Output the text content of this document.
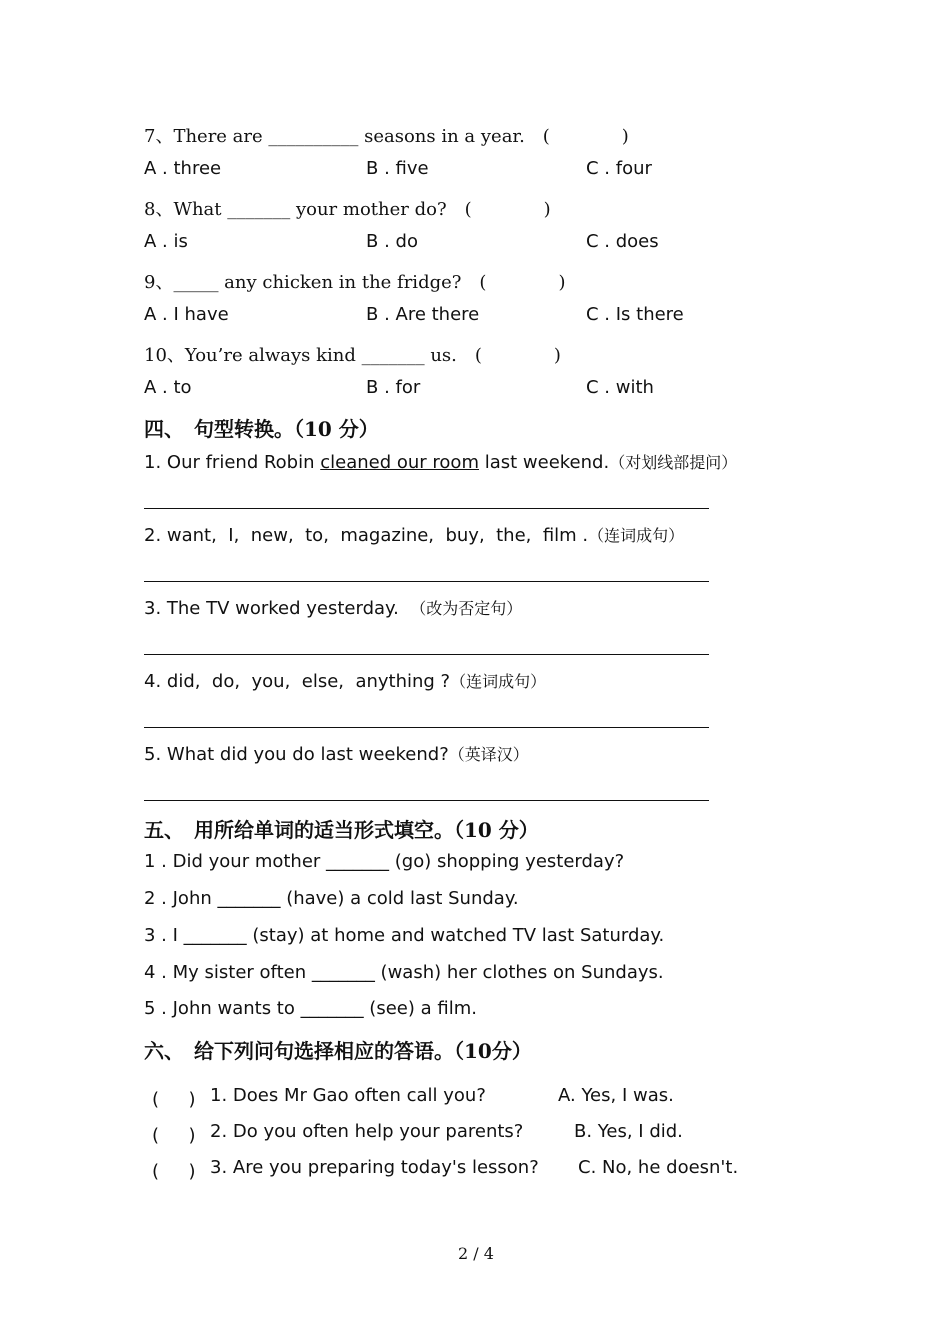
7、There are __________ seasons in a year.　(　　　　)
A . three	B . five	C . four
8、What _______ your mother do?　(　　　　)
A . is	B . do	C . does
9、_____ any chicken in the fridge?　(　　　　)
A . I have	B . Are there	C . Is there
10、You’re always kind _______ us.　(　　　　)
A . to	B . for	C . with
四、　句型转换。（10 分）
1. Our friend Robin cleaned our room last weekend.（对划线部提问）
2. want,  I,  new,  to,  magazine,  buy,  the,  film .（连词成句）
3. The TV worked yesterday.  （改为否定句）
4. did,  do,  you,  else,  anything ?（连词成句）
5. What did you do last weekend?（英译汉）
五、　用所给单词的适当形式填空。（10 分）
1 . Did your mother _______ (go) shopping yesterday?
2 . John _______ (have) a cold last Sunday.
3 . I _______ (stay) at home and watched TV last Saturday.
4 . My sister often _______ (wash) her clothes on Sundays.
5 . John wants to _______ (see) a film.
六、　给下列问句选择相应的答语。（10分）
(　  ) 1. Does Mr Gao often call you?	A. Yes, I was.
(　  ) 2. Do you often help your parents?	B. Yes, I did.
(　  ) 3. Are you preparing today's lesson? C. No, he doesn't.
2 / 4
